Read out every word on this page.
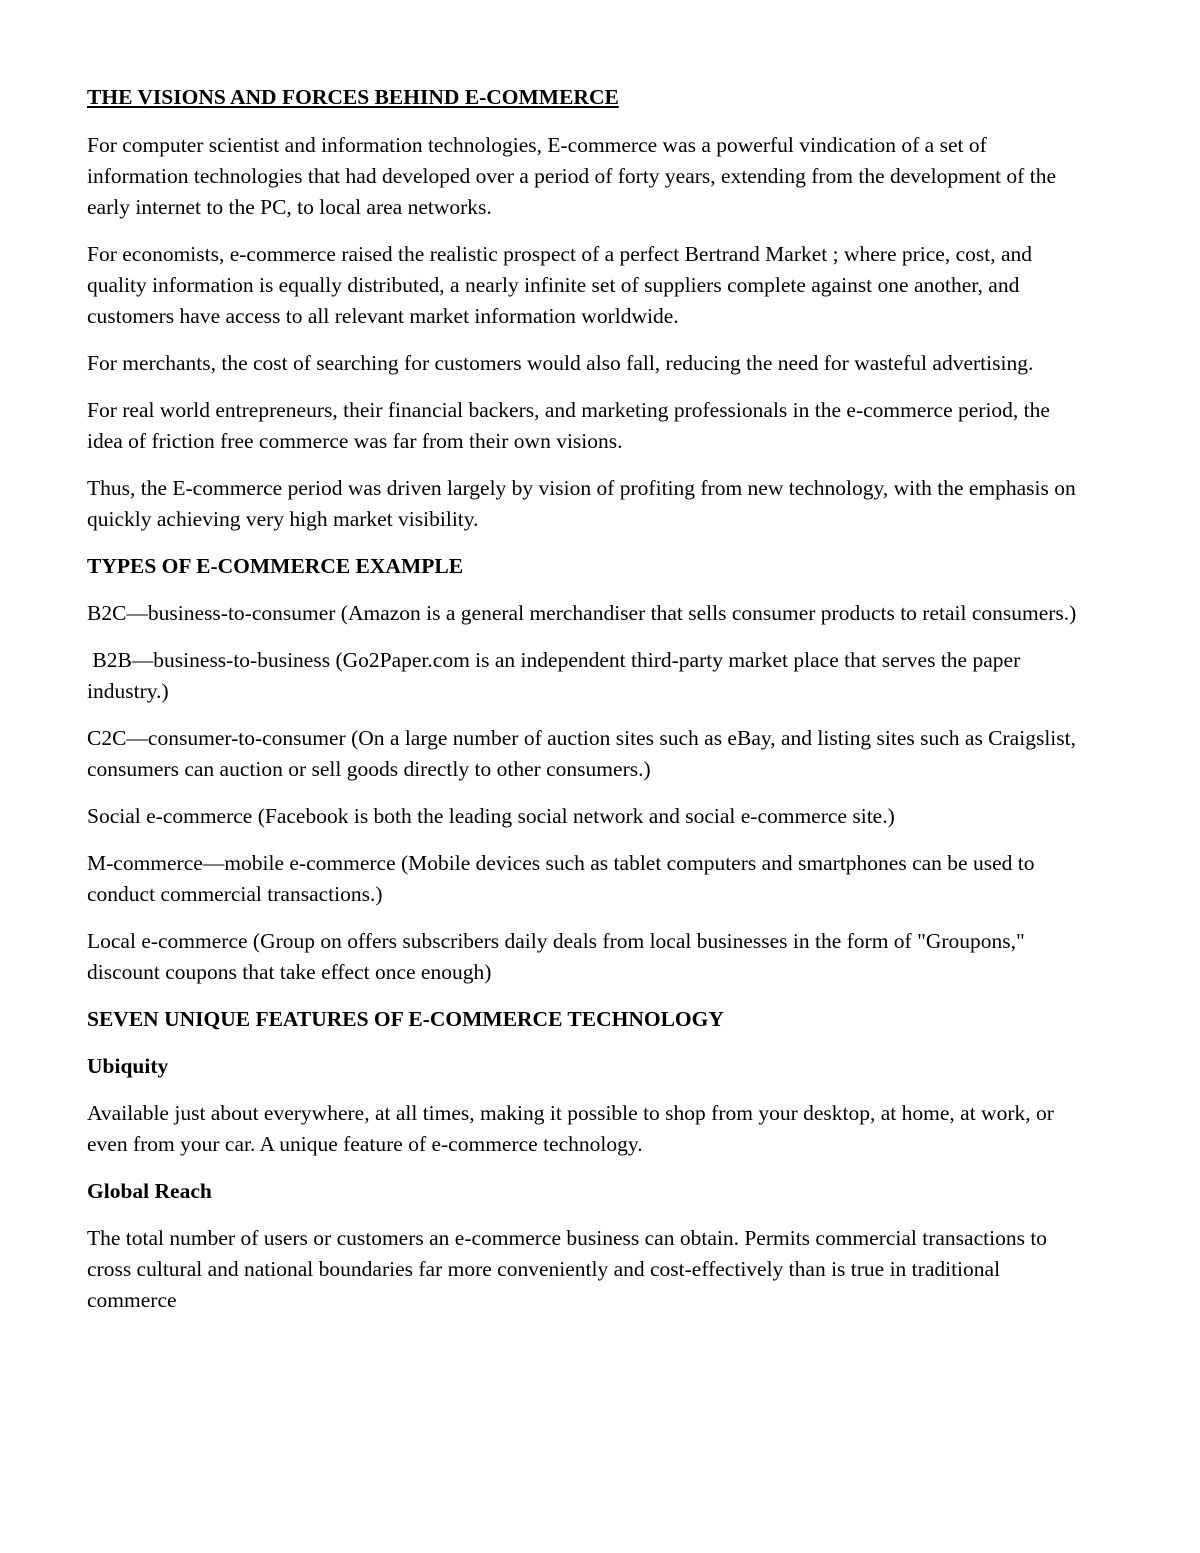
THE VISIONS AND FORCES BEHIND E-COMMERCE

For computer scientist and information technologies, E-commerce was a powerful vindication of a set of information technologies that had developed over a period of forty years, extending from the development of the early internet to the PC, to local area networks.

For economists, e-commerce raised the realistic prospect of a perfect Bertrand Market ; where price, cost, and quality information is equally distributed, a nearly infinite set of suppliers complete against one another, and customers have access to all relevant market information worldwide.

For merchants, the cost of searching for customers would also fall, reducing the need for wasteful advertising.

For real world entrepreneurs, their financial backers, and marketing professionals in the e-commerce period, the idea of friction free commerce was far from their own visions.

Thus, the E-commerce period was driven largely by vision of profiting from new technology, with the emphasis on quickly achieving very high market visibility.

TYPES OF E-COMMERCE EXAMPLE

B2C—business-to-consumer (Amazon is a general merchandiser that sells consumer products to retail consumers.)

B2B—business-to-business (Go2Paper.com is an independent third-party market place that serves the paper industry.)

C2C—consumer-to-consumer (On a large number of auction sites such as eBay, and listing sites such as Craigslist, consumers can auction or sell goods directly to other consumers.)

Social e-commerce (Facebook is both the leading social network and social e-commerce site.)

M-commerce—mobile e-commerce (Mobile devices such as tablet computers and smartphones can be used to conduct commercial transactions.)

Local e-commerce (Group on offers subscribers daily deals from local businesses in the form of "Groupons," discount coupons that take effect once enough)

SEVEN UNIQUE FEATURES OF E-COMMERCE TECHNOLOGY
Ubiquity

Available just about everywhere, at all times, making it possible to shop from your desktop, at home, at work, or even from your car. A unique feature of e-commerce technology.

Global Reach

The total number of users or customers an e-commerce business can obtain. Permits commercial transactions to cross cultural and national boundaries far more conveniently and cost-effectively than is true in traditional commerce
